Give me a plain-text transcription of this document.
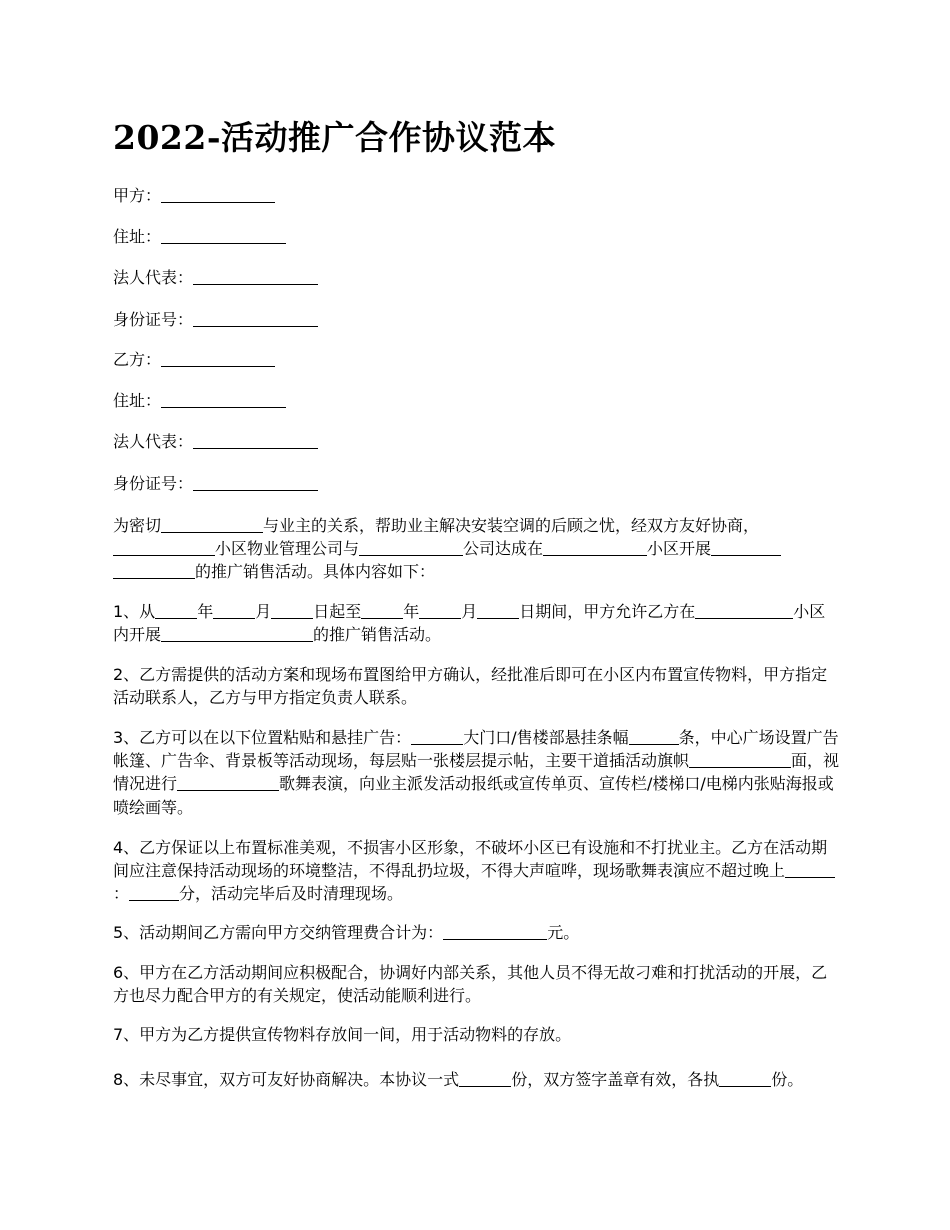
2022-活动推广合作协议范本

甲方：

住址：

法人代表：

身份证号：

乙方：

住址：

法人代表：

身份证号：

为密切	与业主的关系，帮助业主解决安装空调的后顾之忧，经双方友好协商，小区物业管理公司与	公司达成在	小区开展的推广销售活动。具体内容如下：

1、从	年	月	日起至	年	月	日期间，甲方允许乙方在	小区内开展	的推广销售活动。

2、乙方需提供的活动方案和现场布置图给甲方确认，经批准后即可在小区内布置宣传物料，甲方指定活动联系人，乙方与甲方指定负责人联系。

3、乙方可以在以下位置粘贴和悬挂广告：	大门口/售楼部悬挂条幅	条，中心广场设置广告帐篷、广告伞、背景板等活动现场，每层贴一张楼层提示帖，主要干道插活动旗帜	面，视情况进行	歌舞表演，向业主派发活动报纸或宣传单页、宣传栏/楼梯口/电梯内张贴海报或喷绘画等。

4、乙方保证以上布置标准美观，不损害小区形象，不破坏小区已有设施和不打扰业主。乙方在活动期间应注意保持活动现场的环境整洁，不得乱扔垃圾，不得大声喧哗，现场歌舞表演应不超过晚上：	分，活动完毕后及时清理现场。

5、活动期间乙方需向甲方交纳管理费合计为：	元。

6、甲方在乙方活动期间应积极配合，协调好内部关系，其他人员不得无故刁难和打扰活动的开展，乙方也尽力配合甲方的有关规定，使活动能顺利进行。

7、甲方为乙方提供宣传物料存放间一间，用于活动物料的存放。

8、未尽事宜，双方可友好协商解决。本协议一式	份，双方签字盖章有效，各执	份。
